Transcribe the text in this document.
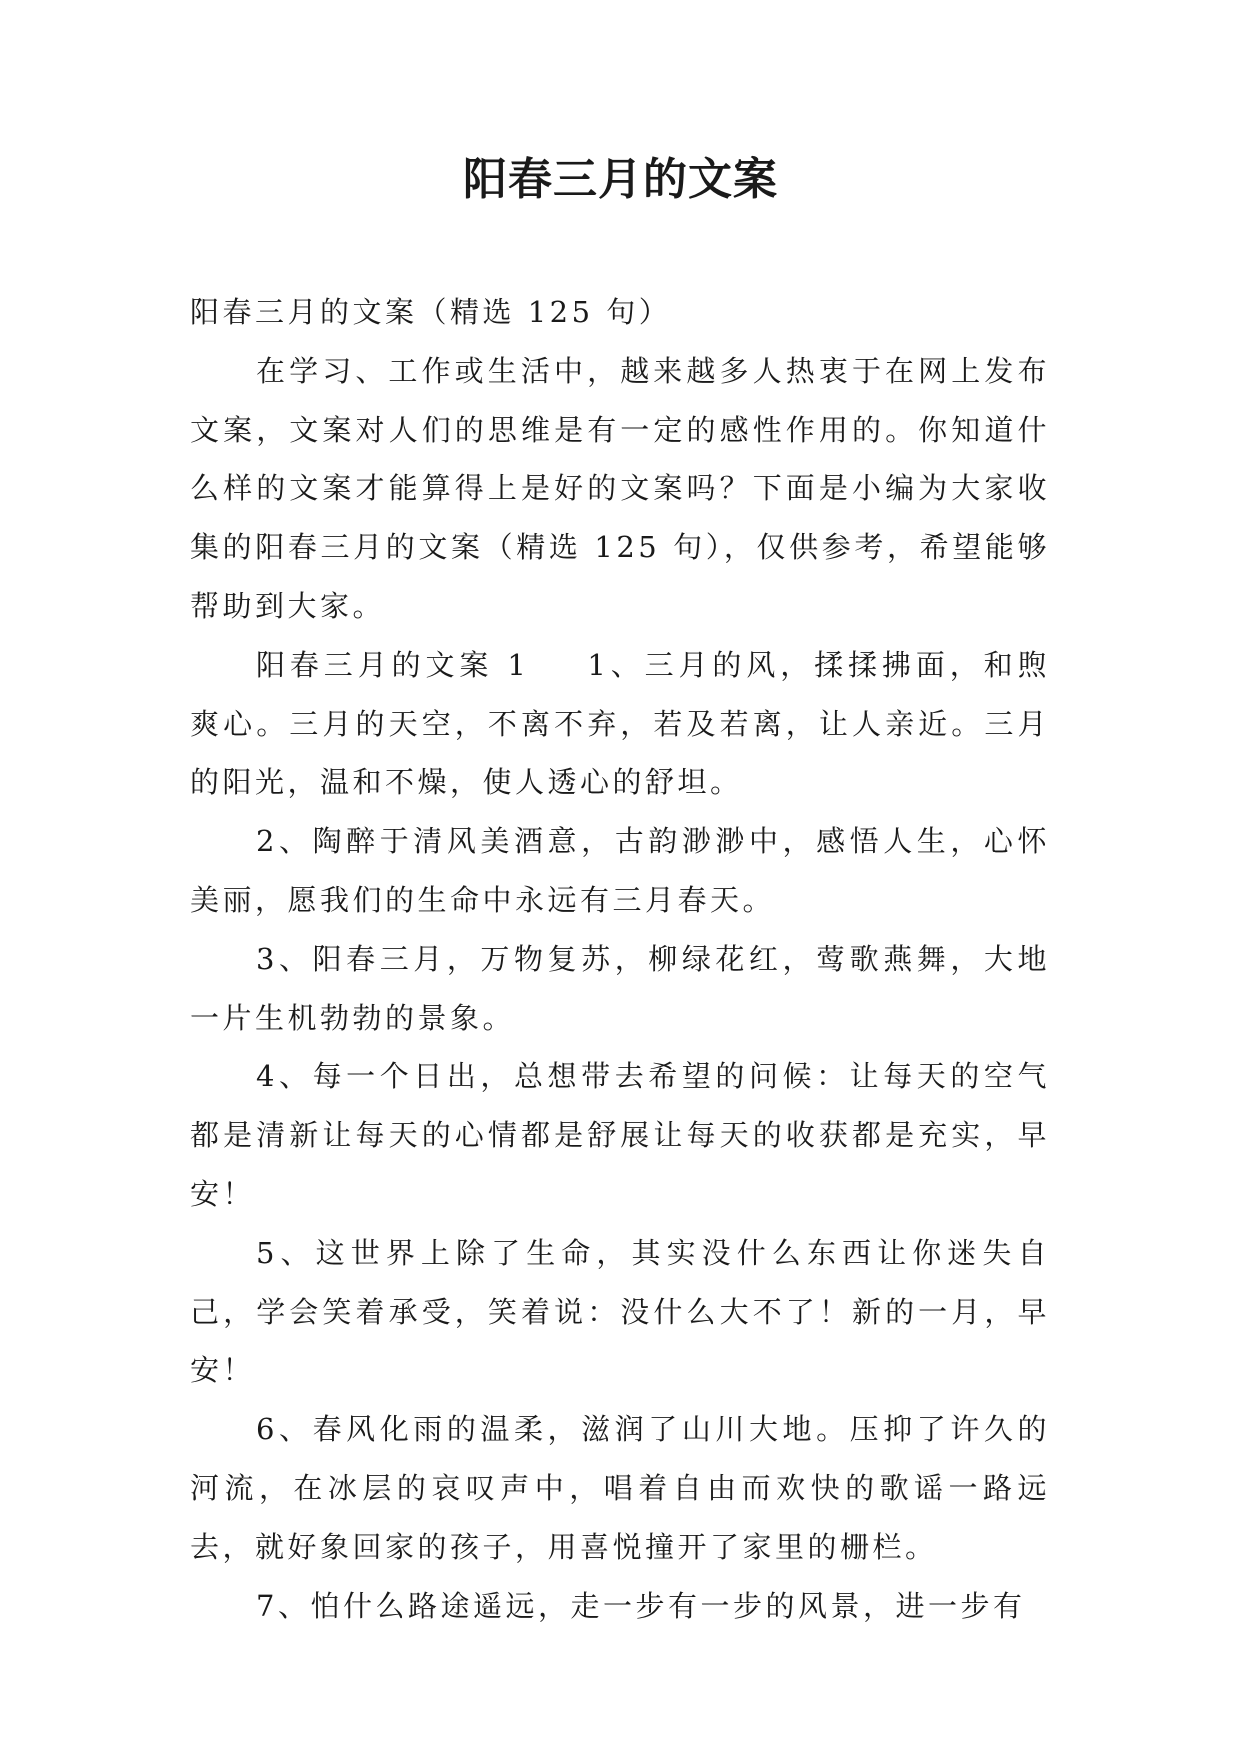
阳春三月的文案

阳春三月的文案（精选 125 句）

在学习、工作或生活中，越来越多人热衷于在网上发布文案，文案对人们的思维是有一定的感性作用的。你知道什么样的文案才能算得上是好的文案吗？下面是小编为大家收集的阳春三月的文案（精选 125 句），仅供参考，希望能够帮助到大家。

阳春三月的文案 1 1、三月的风，揉揉拂面，和煦爽心。三月的天空，不离不弃，若及若离，让人亲近。三月的阳光，温和不燥，使人透心的舒坦。

2、陶醉于清风美酒意，古韵渺渺中，感悟人生，心怀美丽，愿我们的生命中永远有三月春天。

3、阳春三月，万物复苏，柳绿花红，莺歌燕舞，大地一片生机勃勃的景象。

4、每一个日出，总想带去希望的问候：让每天的空气都是清新让每天的心情都是舒展让每天的收获都是充实，早安！

5、这世界上除了生命，其实没什么东西让你迷失自己，学会笑着承受，笑着说：没什么大不了！新的一月，早安！

6、春风化雨的温柔，滋润了山川大地。压抑了许久的河流，在冰层的哀叹声中，唱着自由而欢快的歌谣一路远去，就好象回家的孩子，用喜悦撞开了家里的栅栏。

7、怕什么路途遥远，走一步有一步的风景，进一步有
